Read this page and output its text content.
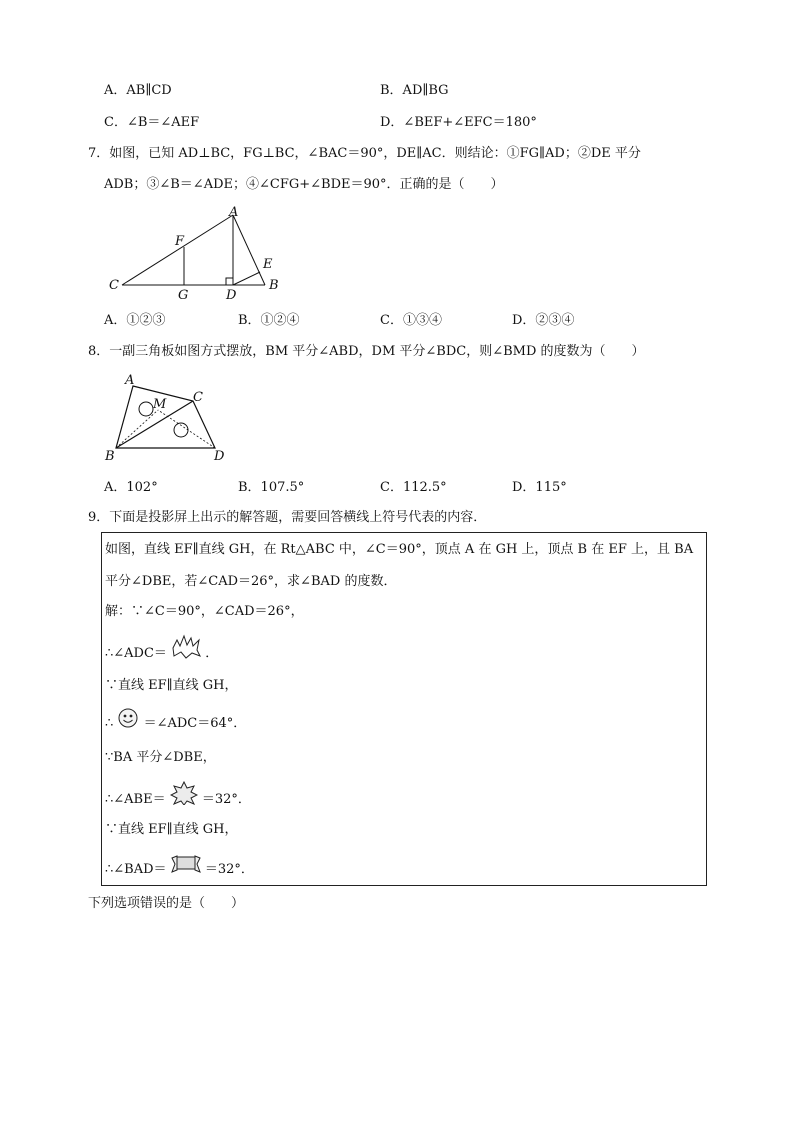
A．AB∥CD	B．AD∥BG
C．∠B＝∠AEF	D．∠BEF+∠EFC＝180°
7．如图，已知 AD⊥BC，FG⊥BC，∠BAC＝90°，DE∥AC．则结论：①FG∥AD；②DE 平分
ADB；③∠B＝∠ADE；④∠CFG+∠BDE＝90°．正确的是（　　）
A
F
E
C
G	D
B
A．①②③	B．①②④	C．①③④	D．②③④
8．一副三角板如图方式摆放，BM 平分∠ABD，DM 平分∠BDC，则∠BMD 的度数为（　　）
A
C
M
B	D
A．102°	B．107.5°	C．112.5°	D．115°
9．下面是投影屏上出示的解答题，需要回答横线上符号代表的内容．
如图，直线 EF∥直线 GH，在 Rt△ABC 中，∠C＝90°，顶点 A 在 GH 上，顶点 B 在 EF 上，且 BA
平分∠DBE，若∠CAD＝26°，求∠BAD 的度数．
解：∵∠C＝90°，∠CAD＝26°，
∴∠ADC＝	．
∵直线 EF∥直线 GH，
∴ ＝∠ADC＝64°．
∵BA 平分∠DBE，
∴∠ABE＝	＝32°．
∵直线 EF∥直线 GH，
∴∠BAD＝	＝32°．
下列选项错误的是（　　）
